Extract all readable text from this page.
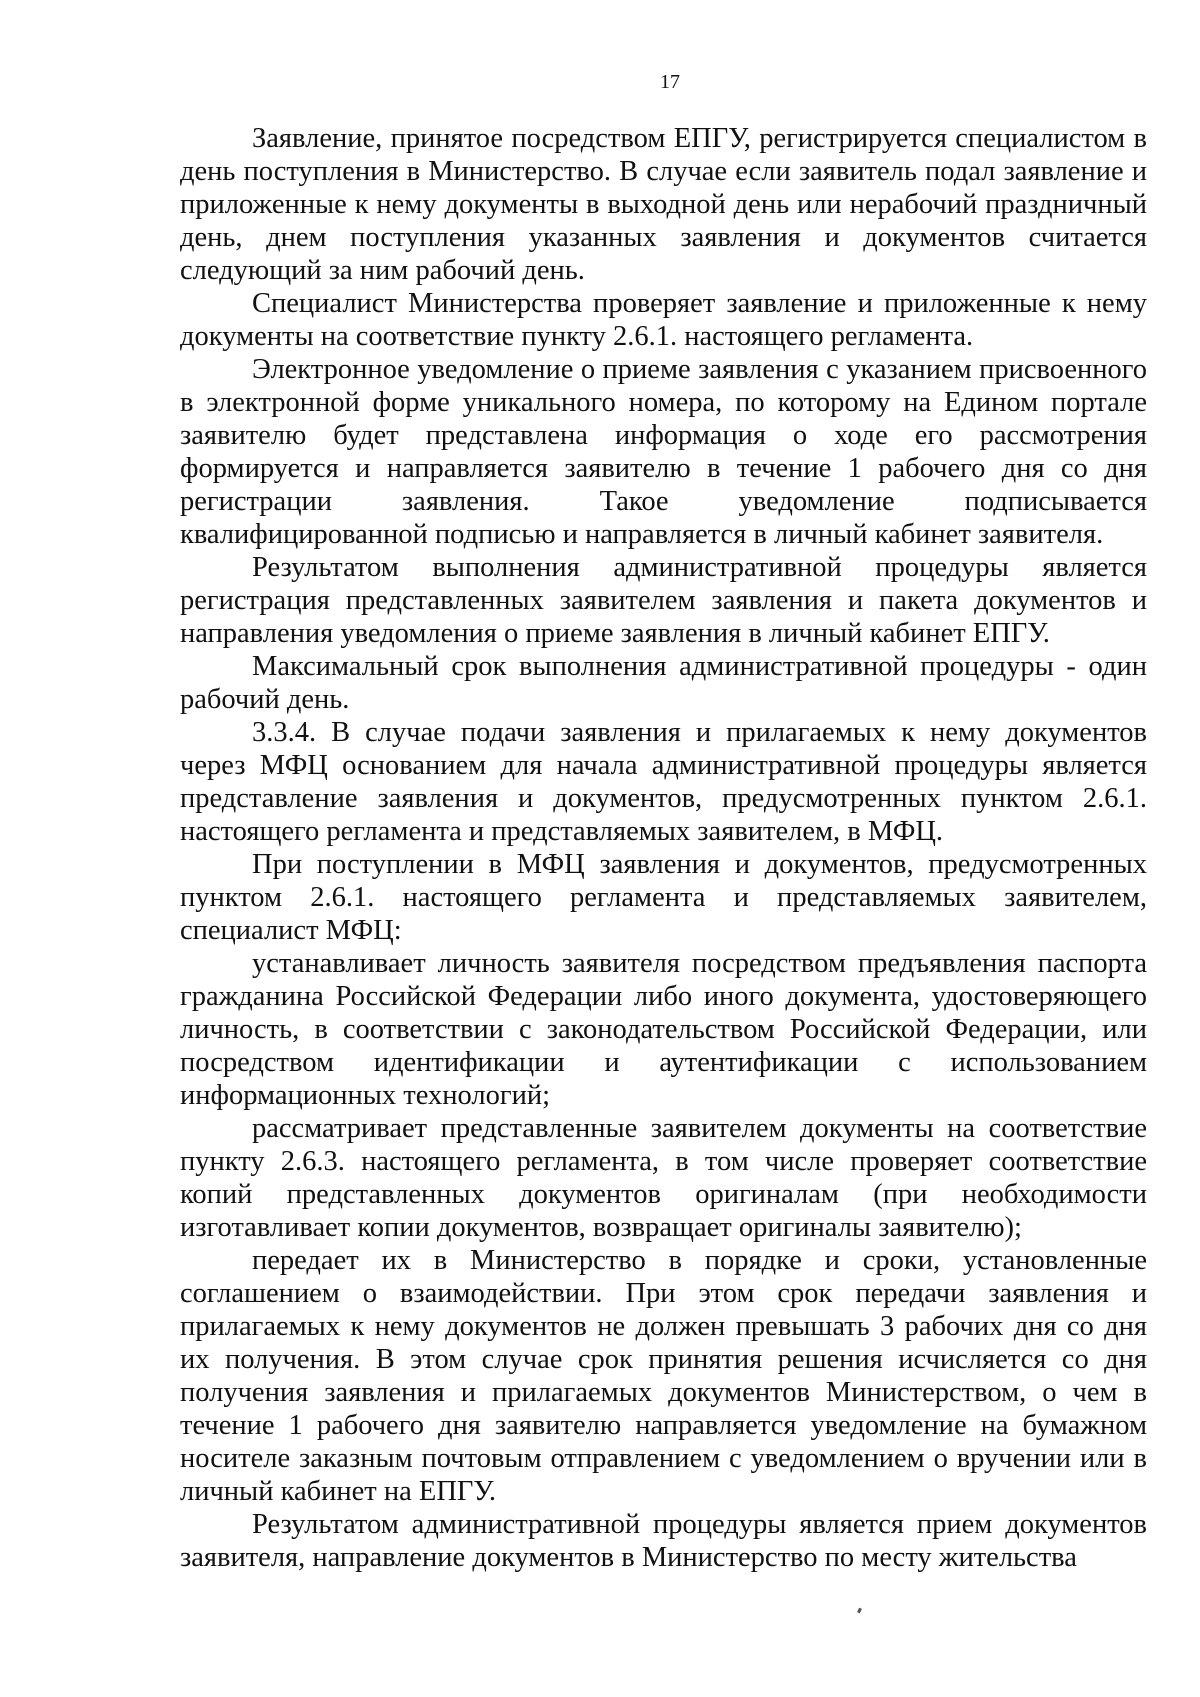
17

Заявление, принятое посредством ЕПГУ, регистрируется специалистом в день поступления в Министерство. В случае если заявитель подал заявление и приложенные к нему документы в выходной день или нерабочий праздничный день, днем поступления указанных заявления и документов считается следующий за ним рабочий день.

Специалист Министерства проверяет заявление и приложенные к нему документы на соответствие пункту 2.6.1. настоящего регламента.

Электронное уведомление о приеме заявления с указанием присвоенного в электронной форме уникального номера, по которому на Едином портале заявителю будет представлена информация о ходе его рассмотрения формируется и направляется заявителю в течение 1 рабочего дня со дня регистрации заявления. Такое уведомление подписывается квалифицированной подписью и направляется в личный кабинет заявителя.

Результатом выполнения административной процедуры является регистрация представленных заявителем заявления и пакета документов и направления уведомления о приеме заявления в личный кабинет ЕПГУ.

Максимальный срок выполнения административной процедуры - один рабочий день.

3.3.4. В случае подачи заявления и прилагаемых к нему документов через МФЦ основанием для начала административной процедуры является представление заявления и документов, предусмотренных пунктом 2.6.1. настоящего регламента и представляемых заявителем, в МФЦ.

При поступлении в МФЦ заявления и документов, предусмотренных пунктом 2.6.1. настоящего регламента и представляемых заявителем, специалист МФЦ:

устанавливает личность заявителя посредством предъявления паспорта гражданина Российской Федерации либо иного документа, удостоверяющего личность, в соответствии с законодательством Российской Федерации, или посредством идентификации и аутентификации с использованием информационных технологий;

рассматривает представленные заявителем документы на соответствие пункту 2.6.3. настоящего регламента, в том числе проверяет соответствие копий представленных документов оригиналам (при необходимости изготавливает копии документов, возвращает оригиналы заявителю);

передает их в Министерство в порядке и сроки, установленные соглашением о взаимодействии. При этом срок передачи заявления и прилагаемых к нему документов не должен превышать 3 рабочих дня со дня их получения. В этом случае срок принятия решения исчисляется со дня получения заявления и прилагаемых документов Министерством, о чем в течение 1 рабочего дня заявителю направляется уведомление на бумажном носителе заказным почтовым отправлением с уведомлением о вручении или в личный кабинет на ЕПГУ.

Результатом административной процедуры является прием документов заявителя, направление документов в Министерство по месту жительства
